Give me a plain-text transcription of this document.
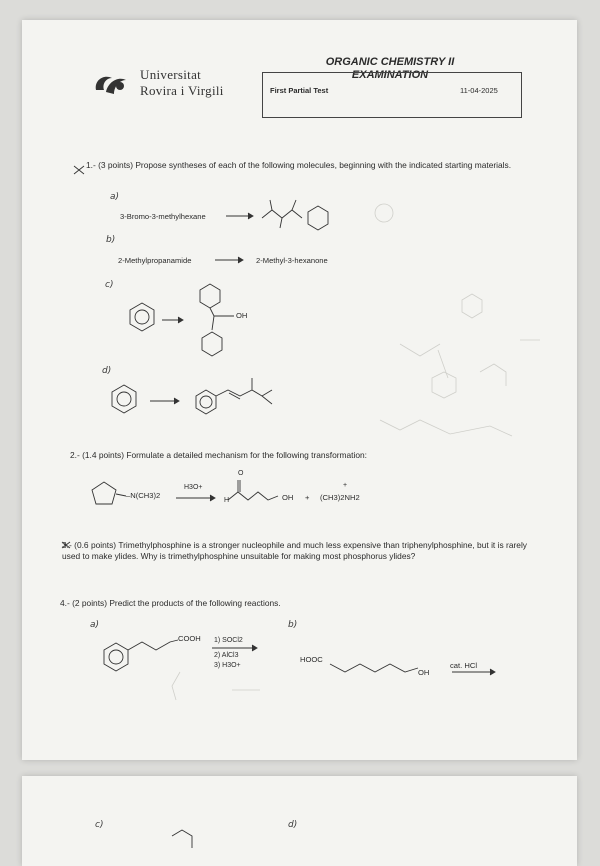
Universitat
Rovira i Virgili
ORGANIC CHEMISTRY II
EXAMINATION
First Partial Test	11-04-2025
1.- (3 points) Propose syntheses of each of the following molecules, beginning with the indicated starting materials.
a)
3-Bromo-3-methylhexane
b)
2-Methylpropanamide	2-Methyl-3-hexanone
c)
OH
d)
2.- (1.4 points) Formulate a detailed mechanism for the following transformation:
–N(CH3)2
H3O+
O
H	OH + (CH3)2NH2
+
3.- (0.6 points) Trimethylphosphine is a stronger nucleophile and much less expensive than triphenylphosphine, but it is rarely used to make ylides. Why is trimethylphosphine unsuitable for making most phosphorus ylides?
4.- (2 points) Predict the products of the following reactions.
a)
COOH 1) SOCl2
2) AlCl3
3) H3O+
b)
HOOC
OH
cat. HCl
c)	d)
